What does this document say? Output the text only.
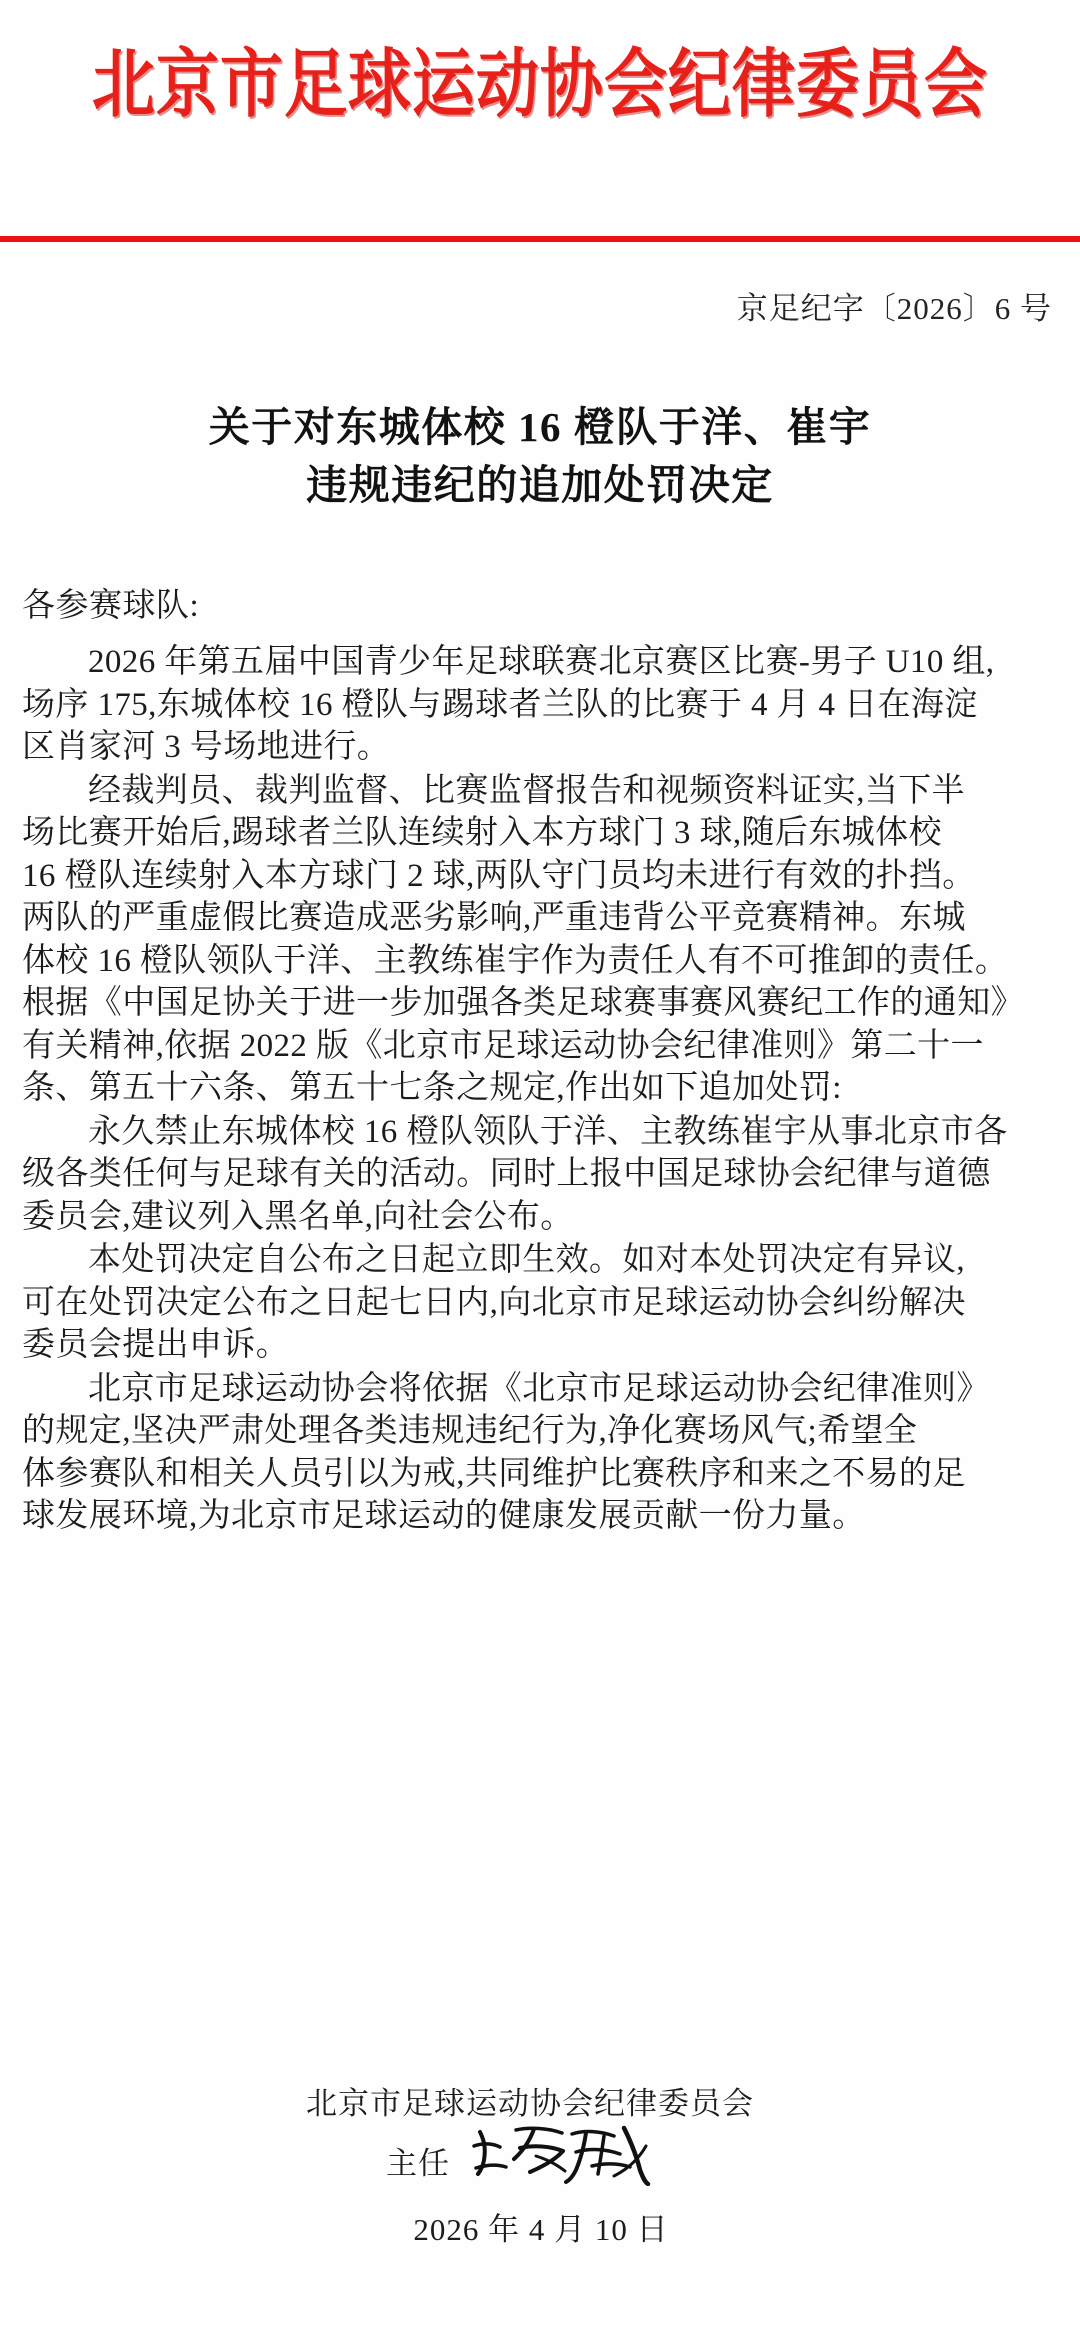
北京市足球运动协会纪律委员会
京足纪字〔2026〕6 号
关于对东城体校 16 橙队于洋、崔宇
违规违纪的追加处罚决定
各参赛球队:
2026 年第五届中国青少年足球联赛北京赛区比赛-男子 U10 组,
场序 175,东城体校 16 橙队与踢球者兰队的比赛于 4 月 4 日在海淀
区肖家河 3 号场地进行。
经裁判员、裁判监督、比赛监督报告和视频资料证实,当下半
场比赛开始后,踢球者兰队连续射入本方球门 3 球,随后东城体校
16 橙队连续射入本方球门 2 球,两队守门员均未进行有效的扑挡。
两队的严重虚假比赛造成恶劣影响,严重违背公平竞赛精神。东城
体校 16 橙队领队于洋、主教练崔宇作为责任人有不可推卸的责任。
根据《中国足协关于进一步加强各类足球赛事赛风赛纪工作的通知》
有关精神,依据 2022 版《北京市足球运动协会纪律准则》第二十一
条、第五十六条、第五十七条之规定,作出如下追加处罚:
永久禁止东城体校 16 橙队领队于洋、主教练崔宇从事北京市各
级各类任何与足球有关的活动。同时上报中国足球协会纪律与道德
委员会,建议列入黑名单,向社会公布。
本处罚决定自公布之日起立即生效。如对本处罚决定有异议,
可在处罚决定公布之日起七日内,向北京市足球运动协会纠纷解决
委员会提出申诉。
北京市足球运动协会将依据《北京市足球运动协会纪律准则》
的规定,坚决严肃处理各类违规违纪行为,净化赛场风气;希望全
体参赛队和相关人员引以为戒,共同维护比赛秩序和来之不易的足
球发展环境,为北京市足球运动的健康发展贡献一份力量。
北京市足球运动协会纪律委员会
主任
2026 年 4 月 10 日
